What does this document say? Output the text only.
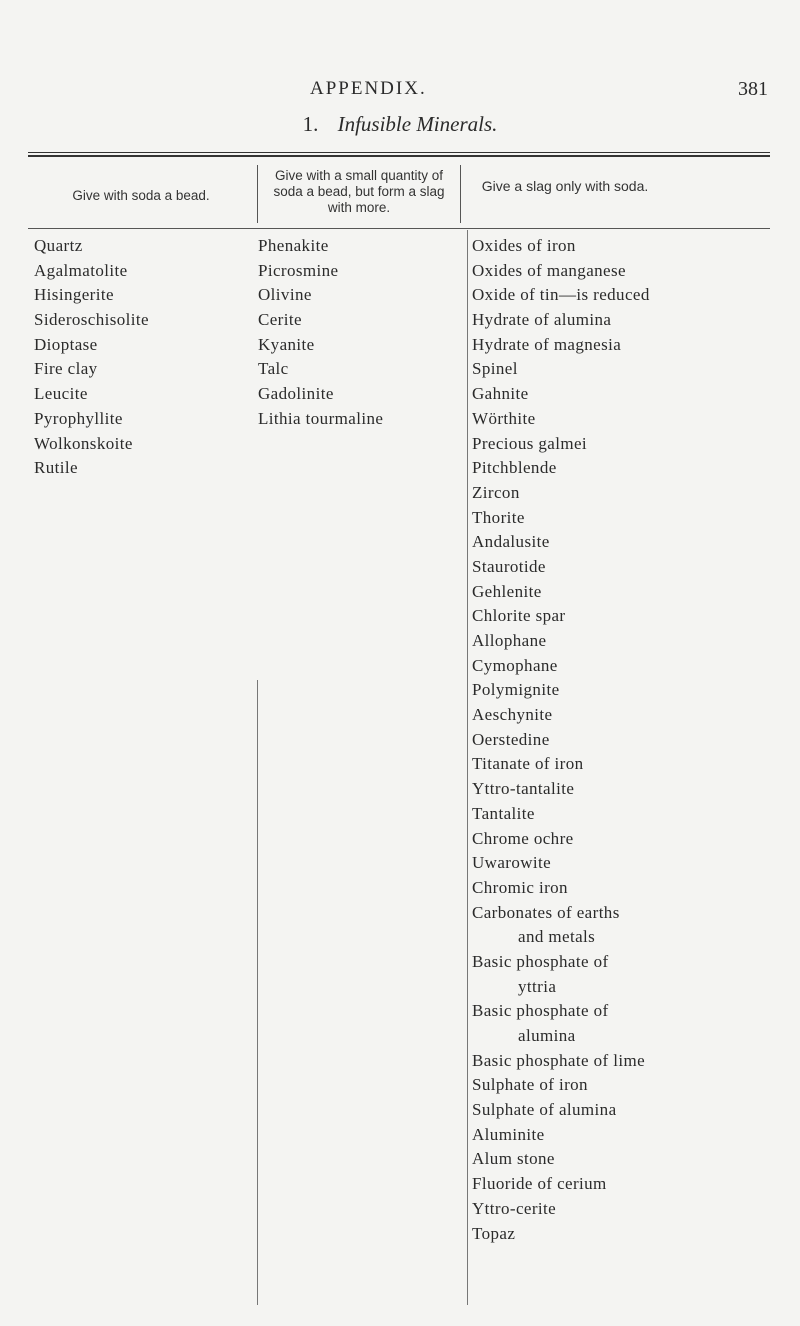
APPENDIX.	381
1. Infusible Minerals.
Give with soda a bead.
Give with a small quantity of soda a bead, but form a slag with more.
Give a slag only with soda.
Quartz
Agalmatolite
Hisingerite
Sideroschisolite
Dioptase
Fire clay
Leucite
Pyrophyllite
Wolkonskoite
Rutile
Phenakite
Picrosmine
Olivine
Cerite
Kyanite
Talc
Gadolinite
Lithia tourmaline
Oxides of iron
Oxides of manganese
Oxide of tin—is reduced
Hydrate of alumina
Hydrate of magnesia
Spinel
Gahnite
Wörthite
Precious galmei
Pitchblende
Zircon
Thorite
Andalusite
Staurotide
Gehlenite
Chlorite spar
Allophane
Cymophane
Polymignite
Aeschynite
Oerstedine
Titanate of iron
Yttro-tantalite
Tantalite
Chrome ochre
Uwarowite
Chromic iron
Carbonates of earths
and metals
Basic phosphate of
yttria
Basic phosphate of
alumina
Basic phosphate of lime
Sulphate of iron
Sulphate of alumina
Aluminite
Alum stone
Fluoride of cerium
Yttro-cerite
Topaz
